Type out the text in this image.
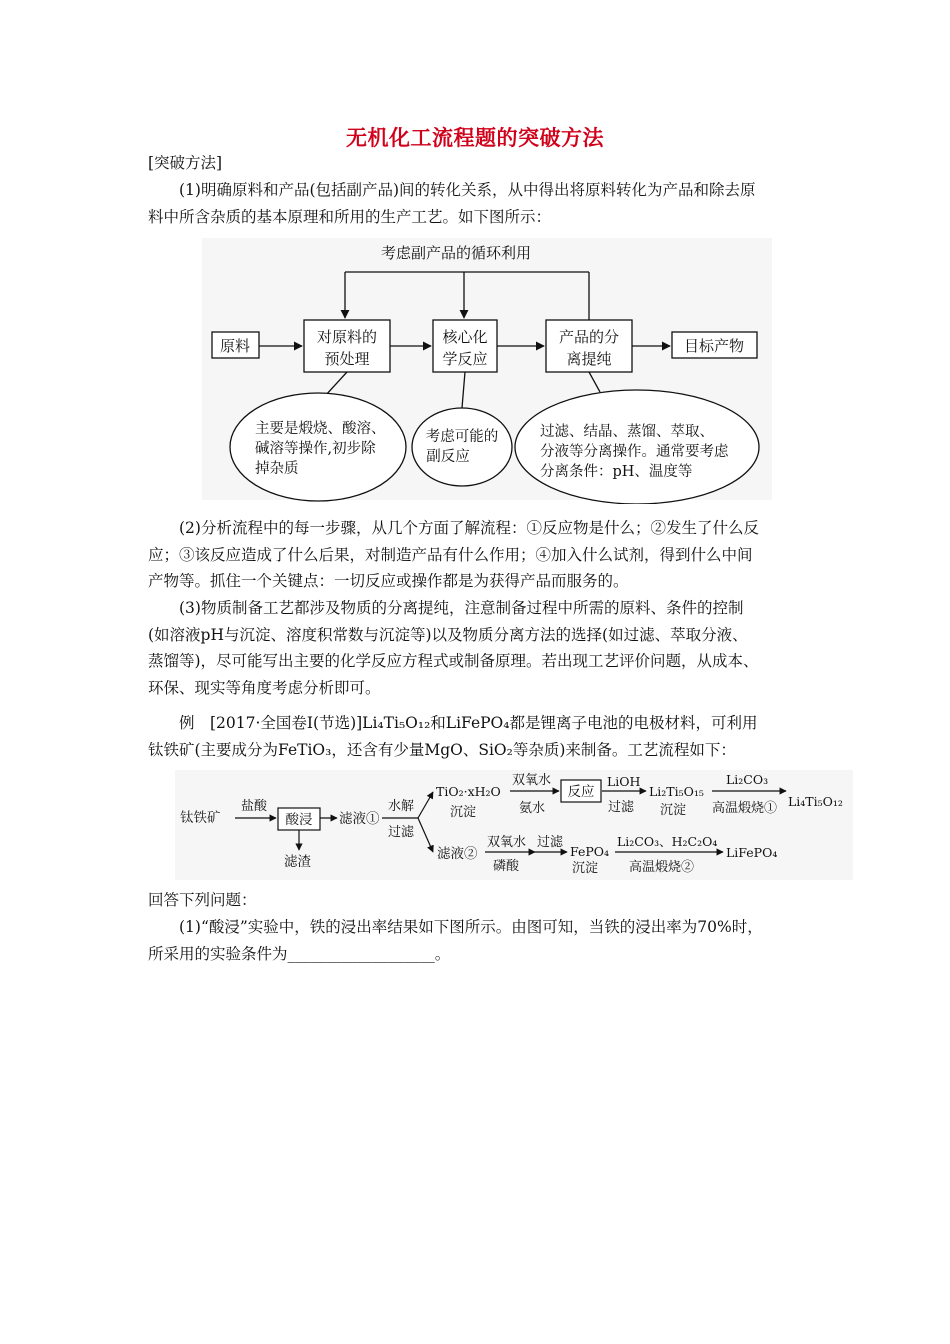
无机化工流程题的突破方法
[突破方法]
(1)明确原料和产品(包括副产品)间的转化关系，从中得出将原料转化为产品和除去原
料中所含杂质的基本原理和所用的生产工艺。如下图所示：
考虑副产品的循环利用
原料	对原料的
预处理
核心化
学反应
产品的分
离提纯
目标产物
主要是煅烧、酸溶、
碱溶等操作,初步除
掉杂质
考虑可能的
副反应
过滤、结晶、蒸馏、萃取、
分液等分离操作。通常要考虑
分离条件：pH、温度等
(2)分析流程中的每一步骤，从几个方面了解流程：①反应物是什么；②发生了什么反
应；③该反应造成了什么后果，对制造产品有什么作用；④加入什么试剂，得到什么中间
产物等。抓住一个关键点：一切反应或操作都是为获得产品而服务的。
(3)物质制备工艺都涉及物质的分离提纯，注意制备过程中所需的原料、条件的控制
(如溶液pH与沉淀、溶度积常数与沉淀等)以及物质分离方法的选择(如过滤、萃取分液、
蒸馏等)，尽可能写出主要的化学反应方程式或制备原理。若出现工艺评价问题，从成本、
环保、现实等角度考虑分析即可。
例　[2017·全国卷Ⅰ(节选)]Li₄Ti₅O₁₂和LiFePO₄都是锂离子电池的电极材料，可利用
钛铁矿(主要成分为FeTiO₃，还含有少量MgO、SiO₂等杂质)来制备。工艺流程如下：
钛铁矿
盐酸
酸浸
滤渣
滤液①
水解
过滤
TiO₂·xH₂O
沉淀
双氧水
氨水
反应
LiOH
过滤
Li₂Ti₅O₁₅
沉淀
Li₂CO₃
高温煅烧① Li₄Ti₅O₁₂
滤液②
双氧水
磷酸
过滤
FePO₄
沉淀
Li₂CO₃、H₂C₂O₄
高温煅烧②
LiFePO₄
回答下列问题：
(1)“酸浸”实验中，铁的浸出率结果如下图所示。由图可知，当铁的浸出率为70%时，
所采用的实验条件为___________________。
